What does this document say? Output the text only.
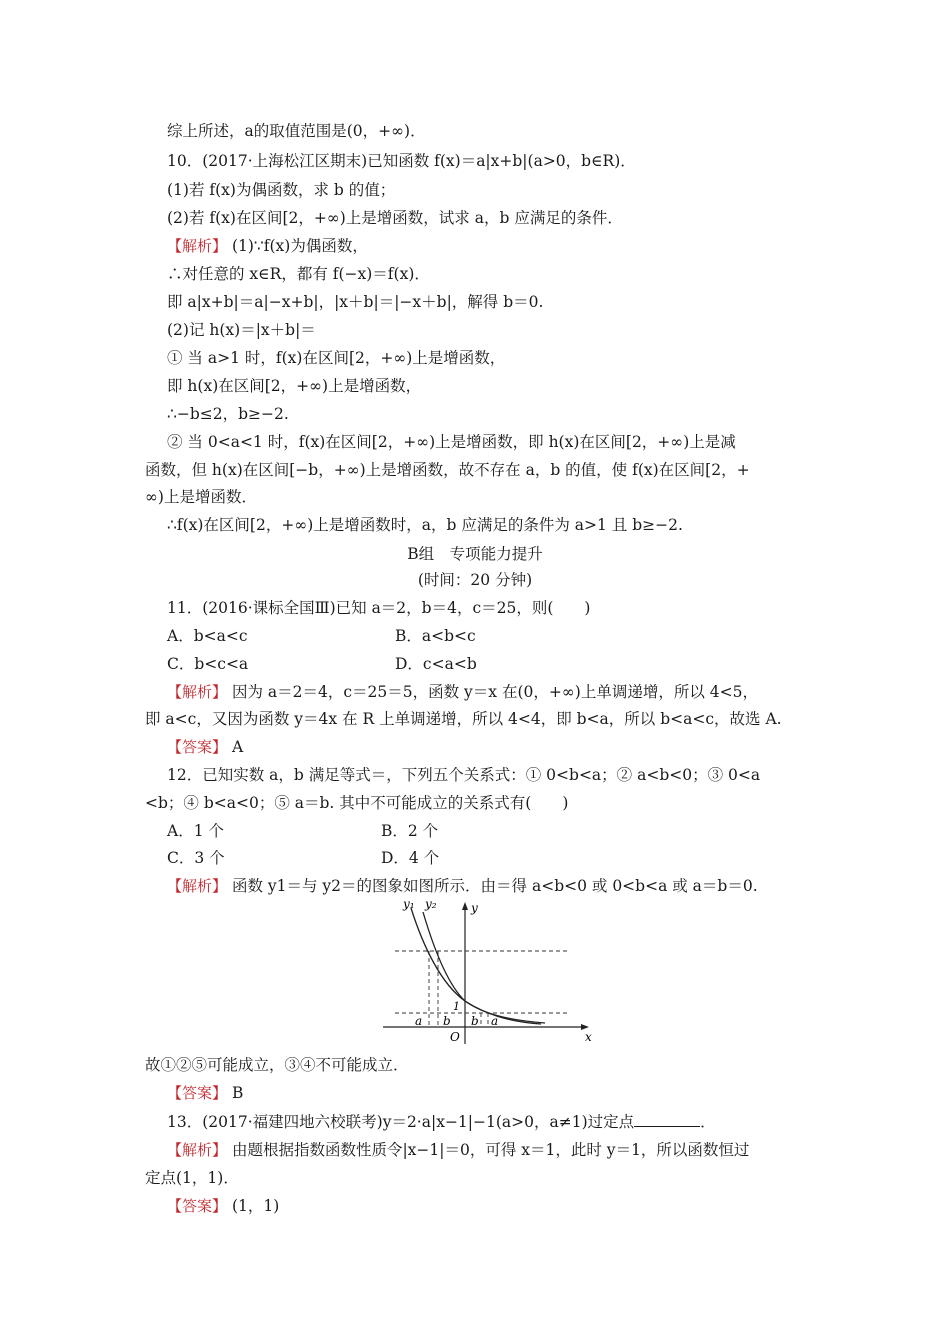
综上所述，a的取值范围是(0，+∞)．
10．(2017·上海松江区期末)已知函数 f(x)＝a|x+b|(a>0，b∈R)．
(1)若 f(x)为偶函数，求 b 的值；
(2)若 f(x)在区间[2，+∞)上是增函数，试求 a，b 应满足的条件．
【解析】 (1)∵f(x)为偶函数，
∴对任意的 x∈R，都有 f(−x)＝f(x)．
即 a|x+b|＝a|−x+b|，|x＋b|＝|−x＋b|，解得 b＝0.
(2)记 h(x)＝|x＋b|＝
① 当 a>1 时，f(x)在区间[2，+∞)上是增函数，
即 h(x)在区间[2，+∞)上是增函数，
∴−b≤2，b≥−2.
② 当 0<a<1 时，f(x)在区间[2，+∞)上是增函数，即 h(x)在区间[2，+∞)上是减
函数，但 h(x)在区间[−b，+∞)上是增函数，故不存在 a，b 的值，使 f(x)在区间[2，+
∞)上是增函数．
∴f(x)在区间[2，+∞)上是增函数时，a，b 应满足的条件为 a>1 且 b≥−2.
B组　专项能力提升
(时间：20 分钟)
11．(2016·课标全国Ⅲ)已知 a＝2，b＝4，c＝25，则(　　)
A．b<a<c	B．a<b<c
C．b<c<a	D．c<a<b
【解析】 因为 a＝2＝4，c＝25＝5，函数 y＝x 在(0，+∞)上单调递增，所以 4<5，
即 a<c，又因为函数 y＝4x 在 R 上单调递增，所以 4<4，即 b<a，所以 b<a<c，故选 A.
【答案】 A
12．已知实数 a，b 满足等式＝，下列五个关系式：① 0<b<a；② a<b<0；③ 0<a
<b；④ b<a<0；⑤ a＝b. 其中不可能成立的关系式有(　　)
A．1 个	B．2 个
C．3 个	D．4 个
【解析】 函数 y1＝与 y2＝的图象如图所示．由＝得 a<b<0 或 0<b<a 或 a＝b＝0.
y₁ y₂	y
x
1
O
a b b a
故①②⑤可能成立，③④不可能成立．
【答案】 B
13．(2017·福建四地六校联考)y＝2·a|x−1|−1(a>0，a≠1)过定点	．
【解析】 由题根据指数函数性质令|x−1|＝0，可得 x＝1，此时 y＝1，所以函数恒过
定点(1，1)．
【答案】 (1，1)
